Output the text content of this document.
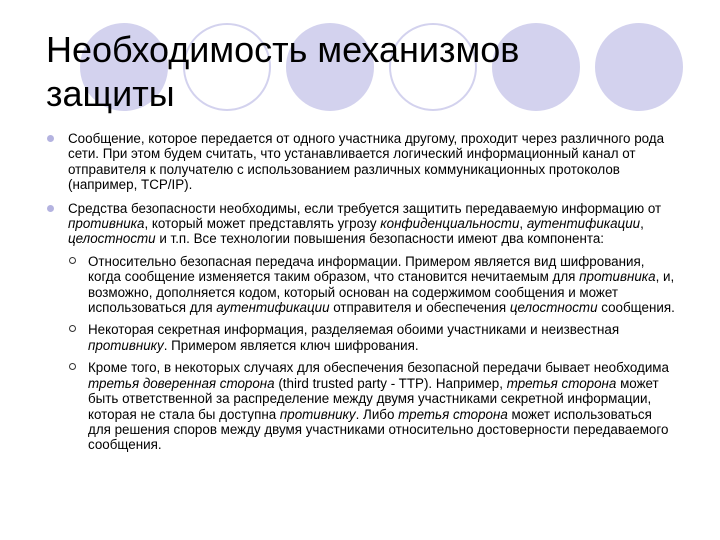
Необходимость механизмов защиты
Сообщение, которое передается от одного участника другому, проходит через различного рода сети. При этом будем считать, что устанавливается логический информационный канал от отправителя к получателю с использованием различных коммуникационных протоколов (например, TCP/IP).
Средства безопасности необходимы, если требуется защитить передаваемую информацию от противника, который может представлять угрозу конфиденциальности, аутентификации, целостности и т.п. Все технологии повышения безопасности имеют два компонента:
Относительно безопасная передача информации. Примером является вид шифрования, когда сообщение изменяется таким образом, что становится нечитаемым для противника, и, возможно, дополняется кодом, который основан на содержимом сообщения и может использоваться для аутентификации отправителя и обеспечения целостности сообщения.
Некоторая секретная информация, разделяемая обоими участниками и неизвестная противнику. Примером является ключ шифрования.
Кроме того, в некоторых случаях для обеспечения безопасной передачи бывает необходима третья доверенная сторона (third trusted party - TTP). Например, третья сторона может быть ответственной за распределение между двумя участниками секретной информации, которая не стала бы доступна противнику. Либо третья сторона может использоваться для решения споров между двумя участниками относительно достоверности передаваемого сообщения.
